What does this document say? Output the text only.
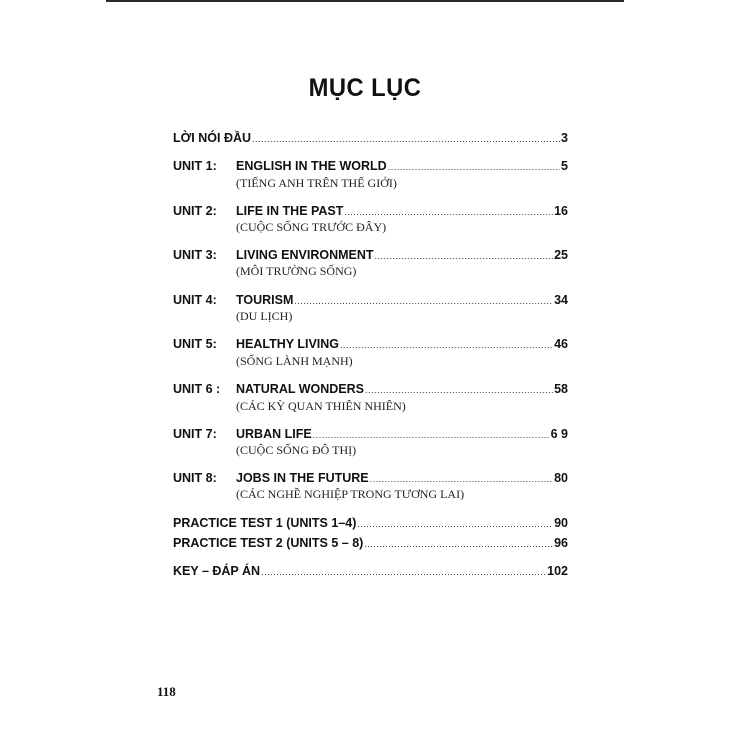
MỤC LỤC
LỜI NÓI ĐẦU .....	3
UNIT 1:	ENGLISH IN THE WORLD .....	5
(TIẾNG ANH TRÊN THẾ GIỚI)
UNIT 2:	LIFE IN THE PAST .....	16
(CUỘC SỐNG TRƯỚC ĐÂY)
UNIT 3:	LIVING ENVIRONMENT .....	25
(MÔI TRƯỜNG SỐNG)
UNIT 4:	TOURISM .....	34
(DU LỊCH)
UNIT 5:	HEALTHY LIVING .....	46
(SỐNG LÀNH MẠNH)
UNIT 6 :	NATURAL WONDERS .....	58
(CÁC KỲ QUAN THIÊN NHIÊN)
UNIT 7:	URBAN LIFE .....	6 9
(CUỘC SỐNG ĐÔ THỊ)
UNIT 8:	JOBS IN THE FUTURE .....	80
(CÁC NGHỀ NGHIỆP TRONG TƯƠNG LAI)
PRACTICE TEST 1 (UNITS 1–4) .....	90
PRACTICE TEST 2 (UNITS 5 – 8) .....	96
KEY – ĐÁP ÁN .....	102
118
